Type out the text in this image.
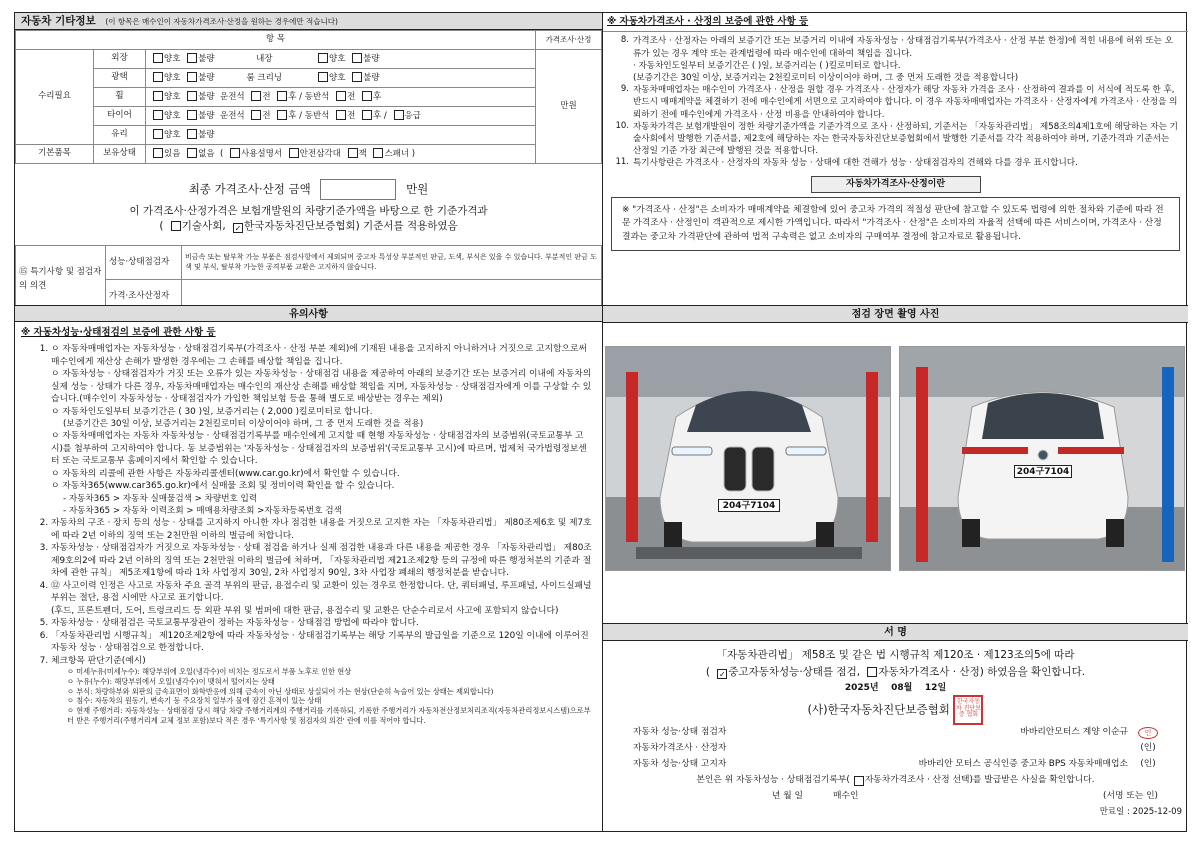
자동차 기타정보 (이 항목은 매수인이 자동차가격조사·산정을 원하는 경우에만 적습니다)
항 목			가격조사·산정
수리필요	외장	양호 불량 내장 양호 불량	만원
	광택	양호 불량 룸 크리닝 양호 불량	
	휠	양호 불량 운전석 전 후 / 동반석 전 후	
	타이어	양호 불량 운전석 전 후 / 동반석 전 후 / 응급	
	유리	양호 불량	
기본품목	보유상태	있음 없음  ( 사용설명서 안전삼각대 잭 스패너 )	
최종 가격조사·산정 금액	만원
이 가격조사·산정가격은 보험개발원의 차량기준가액을 바탕으로 한 기준가격과
( 기술사회, ✓ 한국자동차진단보증협회) 기준서를 적용하였음
⑮ 특기사항 및 점검자의 의견	성능·상태점검자	비금속 또는 탈부착 가능 부품은 점검사항에서 제외되며 중고차 특성상 부분적인 판금, 도색, 부식은 있을 수 있습니다. 부분적인 판금 도색 및 부식, 탈부착 가능한 공격부품 교환은 고지하지 않습니다.
	가격·조사산정자	
유의사항
※ 자동차성능·상태점검의 보증에 관한 사항 등
1. ㅇ 자동차매매업자는 자동차성능 · 상태점검기록부(가격조사 · 산정 부분 제외)에 기재된 내용을 고지하지 아니하거나 거짓으로 고지함으로써 매수인에게 재산상 손해가 발생한 경우에는 그 손해를 배상할 책임을 집니다.
ㅇ 자동차성능 · 상태점검자가 거짓 또는 오류가 있는 자동차성능 · 상태점검 내용을 제공하여 아래의 보증기간 또는 보증거리 이내에 자동차의 실제 성능 · 상태가 다른 경우, 자동차매매업자는 매수인의 재산상 손해를 배상할 책임을 지며, 자동차성능 · 상태점검자에게 이를 구상할 수 있습니다.(매수인이 자동차성능 · 상태점검자가 가입한 책임보험 등을 통해 별도로 배상받는 경우는 제외)
ㅇ 자동차인도일부터 보증기간은 ( 30 )일, 보증거리는 ( 2,000 )킬로미터로 합니다.
(보증기간은 30일 이상, 보증거리는 2천킬로미터 이상이어야 하며, 그 중 먼저 도래한 것을 적용)
ㅇ 자동차매매업자는 자동차 자동차성능 · 상태점검기록부를 매수인에게 고지할 때 현행 자동차성능 · 상태점검자의 보증범위(국토교통부 고시)를 첨부하여 고지하여야 합니다. 동 보증범위는 '자동차성능 · 상태점검자의 보증범위'(국토교통부 고시)에 따르며, 법제처 국가법령정보센터 또는 국토교통부 홈페이지에서 확인할 수 있습니다.
ㅇ 자동차의 리콜에 관한 사항은 자동차리콜센터(www.car.go.kr)에서 확인할 수 있습니다.
ㅇ 자동차365(www.car365.go.kr)에서 실매물 조회 및 정비이력 확인을 할 수 있습니다.
- 자동차365 > 자동차 실매물검색 > 차량번호 입력
- 자동차365 > 자동차 이력조회 > 매매용차량조회 >자동차등록번호 검색
2. 자동차의 구조 · 장치 등의 성능 · 상태를 고지하지 아니한 자나 점검한 내용을 거짓으로 고지한 자는 「자동차관리법」 제80조제6호 및 제7호에 따라 2년 이하의 징역 또는 2천만원 이하의 벌금에 처합니다.
3. 자동차성능 · 상태점검자가 거짓으로 자동차성능 · 상태 점검을 하거나 실제 점검한 내용과 다른 내용을 제공한 경우 「자동차관리법」 제80조제9호의2에 따라 2년 이하의 징역 또는 2천만원 이하의 벌금에 처하며, 「자동차관리법 제21조제2항 등의 규정에 따른 행정처분의 기준과 절차에 관한 규칙」 제5조제1항에 따라 1차 사업정지 30일, 2차 사업정지 90일, 3차 사업장 폐쇄의 행정처분을 받습니다.
4. ⑫ 사고이력 인정은 사고로 자동차 주요 골격 부위의 판금, 용접수리 및 교환이 있는 경우로 한정합니다. 단, 쿼터패널, 루프패널, 사이드실패널 부위는 절단, 용접 시에만 사고로 표기합니다.
(후드, 프론트펜더, 도어, 트렁크리드 등 외판 부위 및 범퍼에 대한 판금, 용접수리 및 교환은 단순수리로서 사고에 포함되지 않습니다)
5. 자동차성능 · 상태점검은 국토교통부장관이 정하는 자동차성능 · 상태점검 방법에 따라야 합니다.
6. 「자동차관리법 시행규칙」 제120조제2항에 따라 자동차성능 · 상태점검기록부는 해당 기록부의 발급일을 기준으로 120일 이내에 이루어진 자동차 성능 · 상태점검으로 한정합니다.
7. 체크항목 판단기준(예시)
ㅇ 미세누유(미세누수): 해당부위에 오일(냉각수)이 비치는 정도로서 부품 노후로 인한 현상
ㅇ 누유(누수): 해당부위에서 오일(냉각수)이 맺혀서 떨어지는 상태
ㅇ 부식: 차량하부와 외판의 금속표면이 화학반응에 의해 금속이 아닌 상태로 상실되어 가는 현상(단순히 녹슬어 있는 상태는 제외합니다)
ㅇ 침수: 자동차의 원동기, 변속기 등 주요장치 일부가 물에 잠긴 흔적이 있는 상태
ㅇ 현재 주행거리: 자동차성능 · 상태점검 당시 해당 차량 주행거리계의 주행거리를 기록하되, 기록한 주행거리가 자동차전산정보처리조직(자동차관리정보시스템)으로부터 받은 주행거리(주행거리계 교체 정보 포함)보다 적은 경우 '특기사항 및 점검자의 의견' 란에 이를 적어야 합니다.
※ 자동차가격조사 · 산정의 보증에 관한 사항 등
8. 가격조사 · 산정자는 아래의 보증기간 또는 보증거리 이내에 자동차성능 · 상태점검기록부(가격조사 · 산정 부분 한정)에 적힌 내용에 허위 또는 오류가 있는 경우 계약 또는 관계법령에 따라 매수인에 대하여 책임을 집니다.
· 자동차인도일부터 보증기간은 ( )일, 보증거리는 ( )킬로미터로 합니다.
(보증기간은 30일 이상, 보증거리는 2천킬로미터 이상이어야 하며, 그 중 먼저 도래한 것을 적용합니다)
9. 자동차매매업자는 매수인이 가격조사 · 산정을 원할 경우 가격조사 · 산정자가 해당 자동차 가격을 조사 · 산정하여 결과를 이 서식에 적도록 한 후, 반드시 매매계약을 체결하기 전에 매수인에게 서면으로 고지하여야 합니다. 이 경우 자동차매매업자는 가격조사 · 산정자에게 가격조사 · 산정을 의뢰하기 전에 매수인에게 가격조사 · 산정 비용을 안내하여야 합니다.
10. 자동차가격은 보험개발원이 정한 차량기준가액을 기준가격으로 조사 · 산정하되, 기준서는 「자동차관리법」 제58조의4제1호에 해당하는 자는 기술사회에서 발행한 기준서를, 제2호에 해당하는 자는 한국자동차진단보증협회에서 발행한 기준서를 각각 적용하여야 하며, 기준가격과 기준서는 산정일 기준 가장 최근에 발행된 것을 적용합니다.
11. 특기사항란은 가격조사 · 산정자의 자동차 성능 · 상태에 대한 견해가 성능 · 상태점검자의 견해와 다를 경우 표시합니다.
자동차가격조사·산정이란
※ "가격조사 · 산정"은 소비자가 매매계약을 체결함에 있어 중고차 가격의 적절성 판단에 참고할 수 있도록 법령에 의한 절차와 기준에 따라 전문 가격조사 · 산정인이 객관적으로 제시한 가액입니다. 따라서 "가격조사 · 산정"은 소비자의 자율적 선택에 따른 서비스이며, 가격조사 · 산정 결과는 중고차 가격판단에 관하여 법적 구속력은 없고 소비자의 구매여부 결정에 참고자료로 활용됩니다.
점검 장면 촬영 사진
204구7104
204구7104
서 명
「자동차관리법」 제58조 및 같은 법 시행규칙 제120조 · 제123조의5에 따라
( ✓ 중고자동차성능·상태를 점검, 자동차가격조사 · 산정) 하였음을 확인합니다.
2025년 08월 12일
(사)한국자동차진단보증협회 한국자동차 진단보증 협회
자동차 성능·상태 점검자	바바리안모터스 계양 이순규	인
자동차가격조사 · 산정자	(인)
자동차 성능·상태 고지자	바바리안 모터스 공식인증 중고차 BPS 자동차매매업소	(인)
본인은 위 자동차성능 · 상태점검기록부( 자동차가격조사 · 산정 선택)를 발급받은 사실을 확인합니다.
년 월 일	매수인	(서명 또는 인)
만료일 : 2025-12-09
